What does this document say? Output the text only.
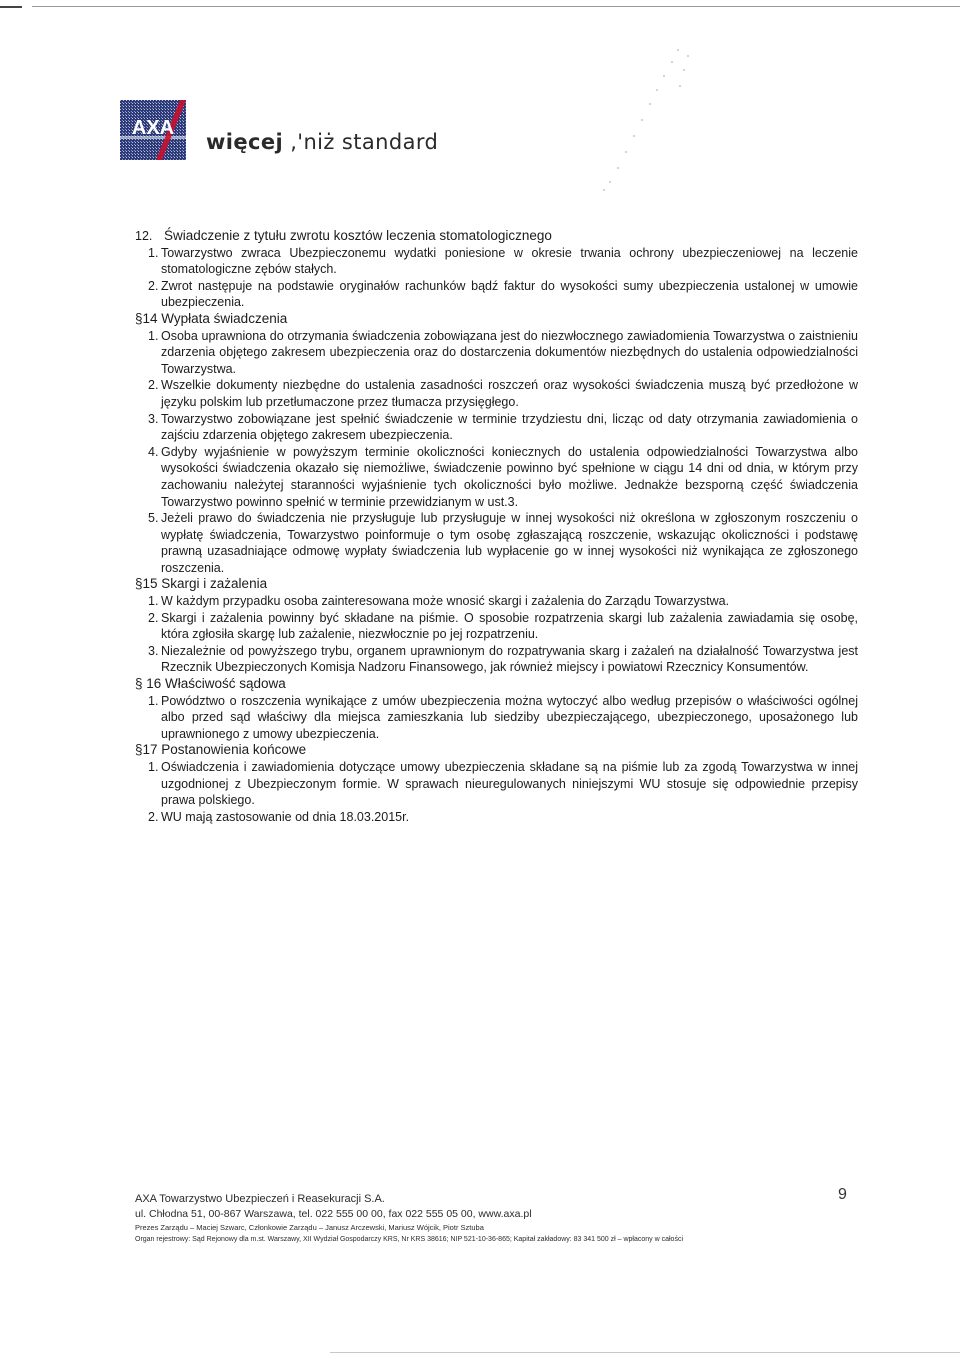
AXA
więcej ,'niż standard
12. Świadczenie z tytułu zwrotu kosztów leczenia stomatologicznego
1. Towarzystwo zwraca Ubezpieczonemu wydatki poniesione w okresie trwania ochrony ubezpieczeniowej na leczenie stomatologiczne zębów stałych.
2. Zwrot następuje na podstawie oryginałów rachunków bądź faktur do wysokości sumy ubezpieczenia ustalonej w umowie ubezpieczenia.

§14 Wypłata świadczenia

1. Osoba uprawniona do otrzymania świadczenia zobowiązana jest do niezwłocznego zawiadomienia Towarzystwa o zaistnieniu zdarzenia objętego zakresem ubezpieczenia oraz do dostarczenia dokumentów niezbędnych do ustalenia odpowiedzialności Towarzystwa.
2. Wszelkie dokumenty niezbędne do ustalenia zasadności roszczeń oraz wysokości świadczenia muszą być przedłożone w języku polskim lub przetłumaczone przez tłumacza przysięgłego.
3. Towarzystwo zobowiązane jest spełnić świadczenie w terminie trzydziestu dni, licząc od daty otrzymania zawiadomienia o zajściu zdarzenia objętego zakresem ubezpieczenia.
4. Gdyby wyjaśnienie w powyższym terminie okoliczności koniecznych do ustalenia odpowiedzialności Towarzystwa albo wysokości świadczenia okazało się niemożliwe, świadczenie powinno być spełnione w ciągu 14 dni od dnia, w którym przy zachowaniu należytej staranności wyjaśnienie tych okoliczności było możliwe. Jednakże bezsporną część świadczenia Towarzystwo powinno spełnić w terminie przewidzianym w ust.3.
5. Jeżeli prawo do świadczenia nie przysługuje lub przysługuje w innej wysokości niż określona w zgłoszonym roszczeniu o wypłatę świadczenia, Towarzystwo poinformuje o tym osobę zgłaszającą roszczenie, wskazując okoliczności i podstawę prawną uzasadniające odmowę wypłaty świadczenia lub wypłacenie go w innej wysokości niż wynikająca ze zgłoszonego roszczenia.

§15 Skargi i zażalenia

1. W każdym przypadku osoba zainteresowana może wnosić skargi i zażalenia do Zarządu Towarzystwa.
2. Skargi i zażalenia powinny być składane na piśmie. O sposobie rozpatrzenia skargi lub zażalenia zawiadamia się osobę, która zgłosiła skargę lub zażalenie, niezwłocznie po jej rozpatrzeniu.
3. Niezależnie od powyższego trybu, organem uprawnionym do rozpatrywania skarg i zażaleń na działalność Towarzystwa jest Rzecznik Ubezpieczonych Komisja Nadzoru Finansowego, jak również miejscy i powiatowi Rzecznicy Konsumentów.

§ 16 Właściwość sądowa

1. Powództwo o roszczenia wynikające z umów ubezpieczenia można wytoczyć albo według przepisów o właściwości ogólnej albo przed sąd właściwy dla miejsca zamieszkania lub siedziby ubezpieczającego, ubezpieczonego, uposażonego lub uprawnionego z umowy ubezpieczenia.

§17 Postanowienia końcowe

1. Oświadczenia i zawiadomienia dotyczące umowy ubezpieczenia składane są na piśmie lub za zgodą Towarzystwa w innej uzgodnionej z Ubezpieczonym formie. W sprawach nieuregulowanych niniejszymi WU stosuje się odpowiednie przepisy prawa polskiego.
2. WU mają zastosowanie od dnia 18.03.2015r.
9
AXA Towarzystwo Ubezpieczeń i Reasekuracji S.A.
ul. Chłodna 51, 00-867 Warszawa, tel. 022 555 00 00, fax 022 555 05 00, www.axa.pl
Prezes Zarządu – Maciej Szwarc, Członkowie Zarządu – Janusz Arczewski, Mariusz Wójcik, Piotr Sztuba
Organ rejestrowy: Sąd Rejonowy dla m.st. Warszawy, XII Wydział Gospodarczy KRS, Nr KRS 38616; NIP 521-10-36-865; Kapitał zakładowy: 83 341 500 zł – wpłacony w całości
